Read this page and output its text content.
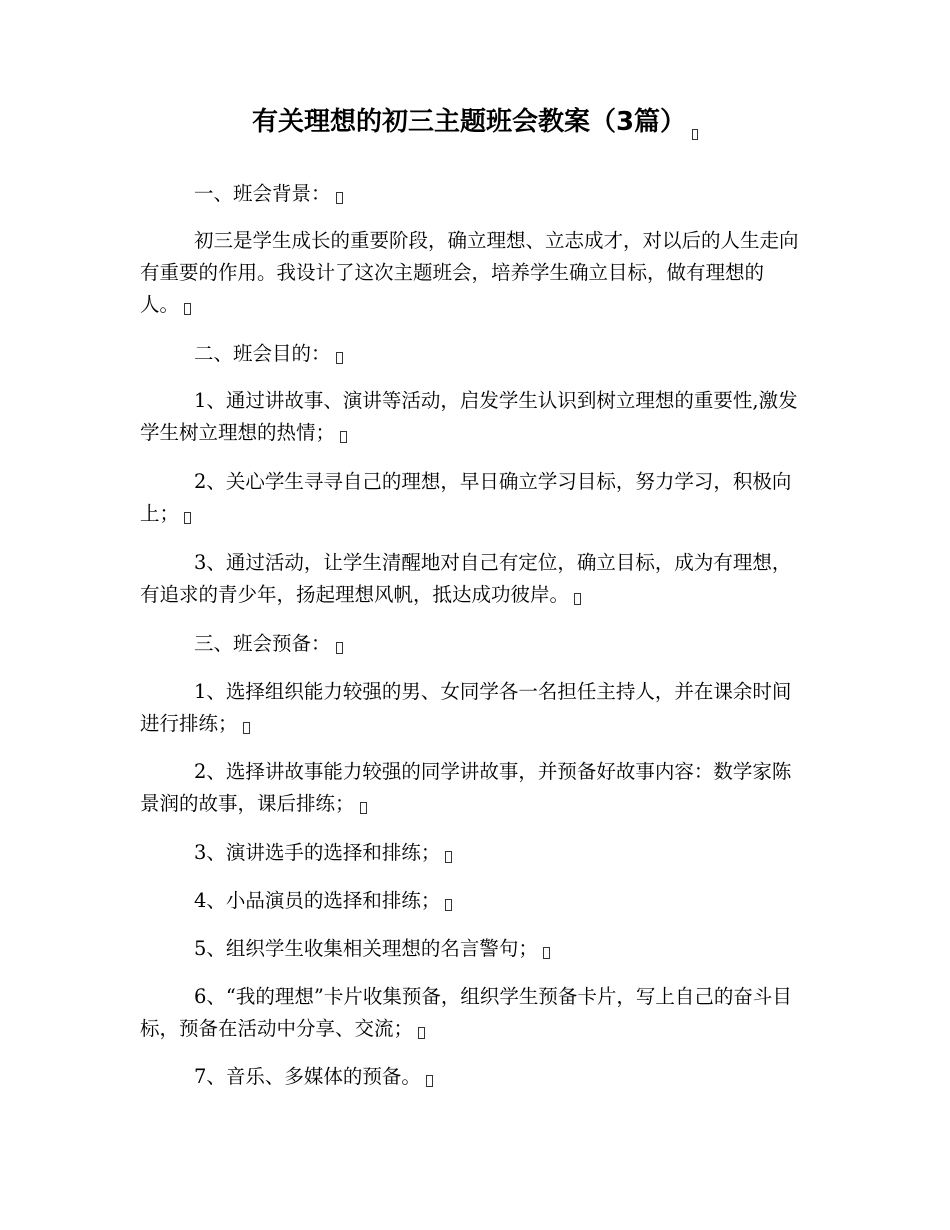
有关理想的初三主题班会教案（3篇）

一、班会背景：

初三是学生成长的重要阶段，确立理想、立志成才，对以后的人生走向有重要的作用。我设计了这次主题班会，培养学生确立目标，做有理想的人。

二、班会目的：

1、通过讲故事、演讲等活动，启发学生认识到树立理想的重要性,激发学生树立理想的热情；

2、关心学生寻寻自己的理想，早日确立学习目标，努力学习，积极向上；

3、通过活动，让学生清醒地对自己有定位，确立目标，成为有理想，有追求的青少年，扬起理想风帆，抵达成功彼岸。

三、班会预备：

1、选择组织能力较强的男、女同学各一名担任主持人，并在课余时间进行排练；

2、选择讲故事能力较强的同学讲故事，并预备好故事内容：数学家陈景润的故事，课后排练；

3、演讲选手的选择和排练；

4、小品演员的选择和排练；

5、组织学生收集相关理想的名言警句；

6、“我的理想”卡片收集预备，组织学生预备卡片，写上自己的奋斗目标，预备在活动中分享、交流；

7、音乐、多媒体的预备。
